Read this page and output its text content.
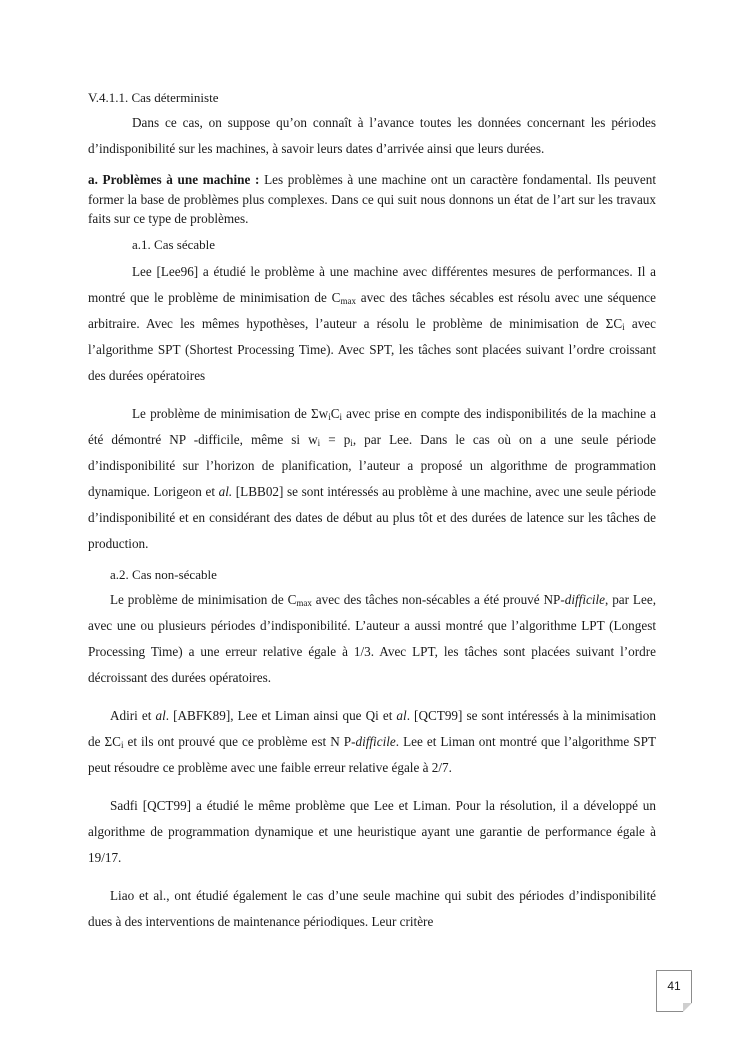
V.4.1.1. Cas déterministe

Dans ce cas, on suppose qu’on connaît à l’avance toutes les données concernant les périodes d’indisponibilité sur les machines, à savoir leurs dates d’arrivée ainsi que leurs durées.

a. Problèmes à une machine : Les problèmes à une machine ont un caractère fondamental. Ils peuvent former la base de problèmes plus complexes. Dans ce qui suit nous donnons un état de l’art sur les travaux faits sur ce type de problèmes.

a.1. Cas sécable

Lee [Lee96] a étudié le problème à une machine avec différentes mesures de performances. Il a montré que le problème de minimisation de $C_{max}$ avec des tâches sécables est résolu avec une séquence arbitraire. Avec les mêmes hypothèses, l’auteur a résolu le problème de minimisation de $\Sigma C_i$ avec l’algorithme SPT (Shortest Processing Time). Avec SPT, les tâches sont placées suivant l’ordre croissant des durées opératoires

Le problème de minimisation de $\Sigma w_iC_i$ avec prise en compte des indisponibilités de la machine a été démontré NP -difficile, même si $w_i = p_i$, par Lee. Dans le cas où on a une seule période d’indisponibilité sur l’horizon de planification, l’auteur a proposé un algorithme de programmation dynamique. Lorigeon et al. [LBB02] se sont intéressés au problème à une machine, avec une seule période d’indisponibilité et en considérant des dates de début au plus tôt et des durées de latence sur les tâches de production.

a.2. Cas non-sécable

Le problème de minimisation de $C_{max}$ avec des tâches non-sécables a été prouvé NP-difficile, par Lee, avec une ou plusieurs périodes d’indisponibilité. L’auteur a aussi montré que l’algorithme LPT (Longest Processing Time) a une erreur relative égale à 1/3. Avec LPT, les tâches sont placées suivant l’ordre décroissant des durées opératoires.

Adiri et al. [ABFK89], Lee et Liman ainsi que Qi et al. [QCT99] se sont intéressés à la minimisation de $\Sigma C_i$ et ils ont prouvé que ce problème est N P-difficile. Lee et Liman ont montré que l’algorithme SPT peut résoudre ce problème avec une faible erreur relative égale à 2/7.

Sadfi [QCT99] a étudié le même problème que Lee et Liman. Pour la résolution, il a développé un algorithme de programmation dynamique et une heuristique ayant une garantie de performance égale à 19/17.

Liao et al., ont étudié également le cas d’une seule machine qui subit des périodes d’indisponibilité dues à des interventions de maintenance périodiques. Leur critère

41
